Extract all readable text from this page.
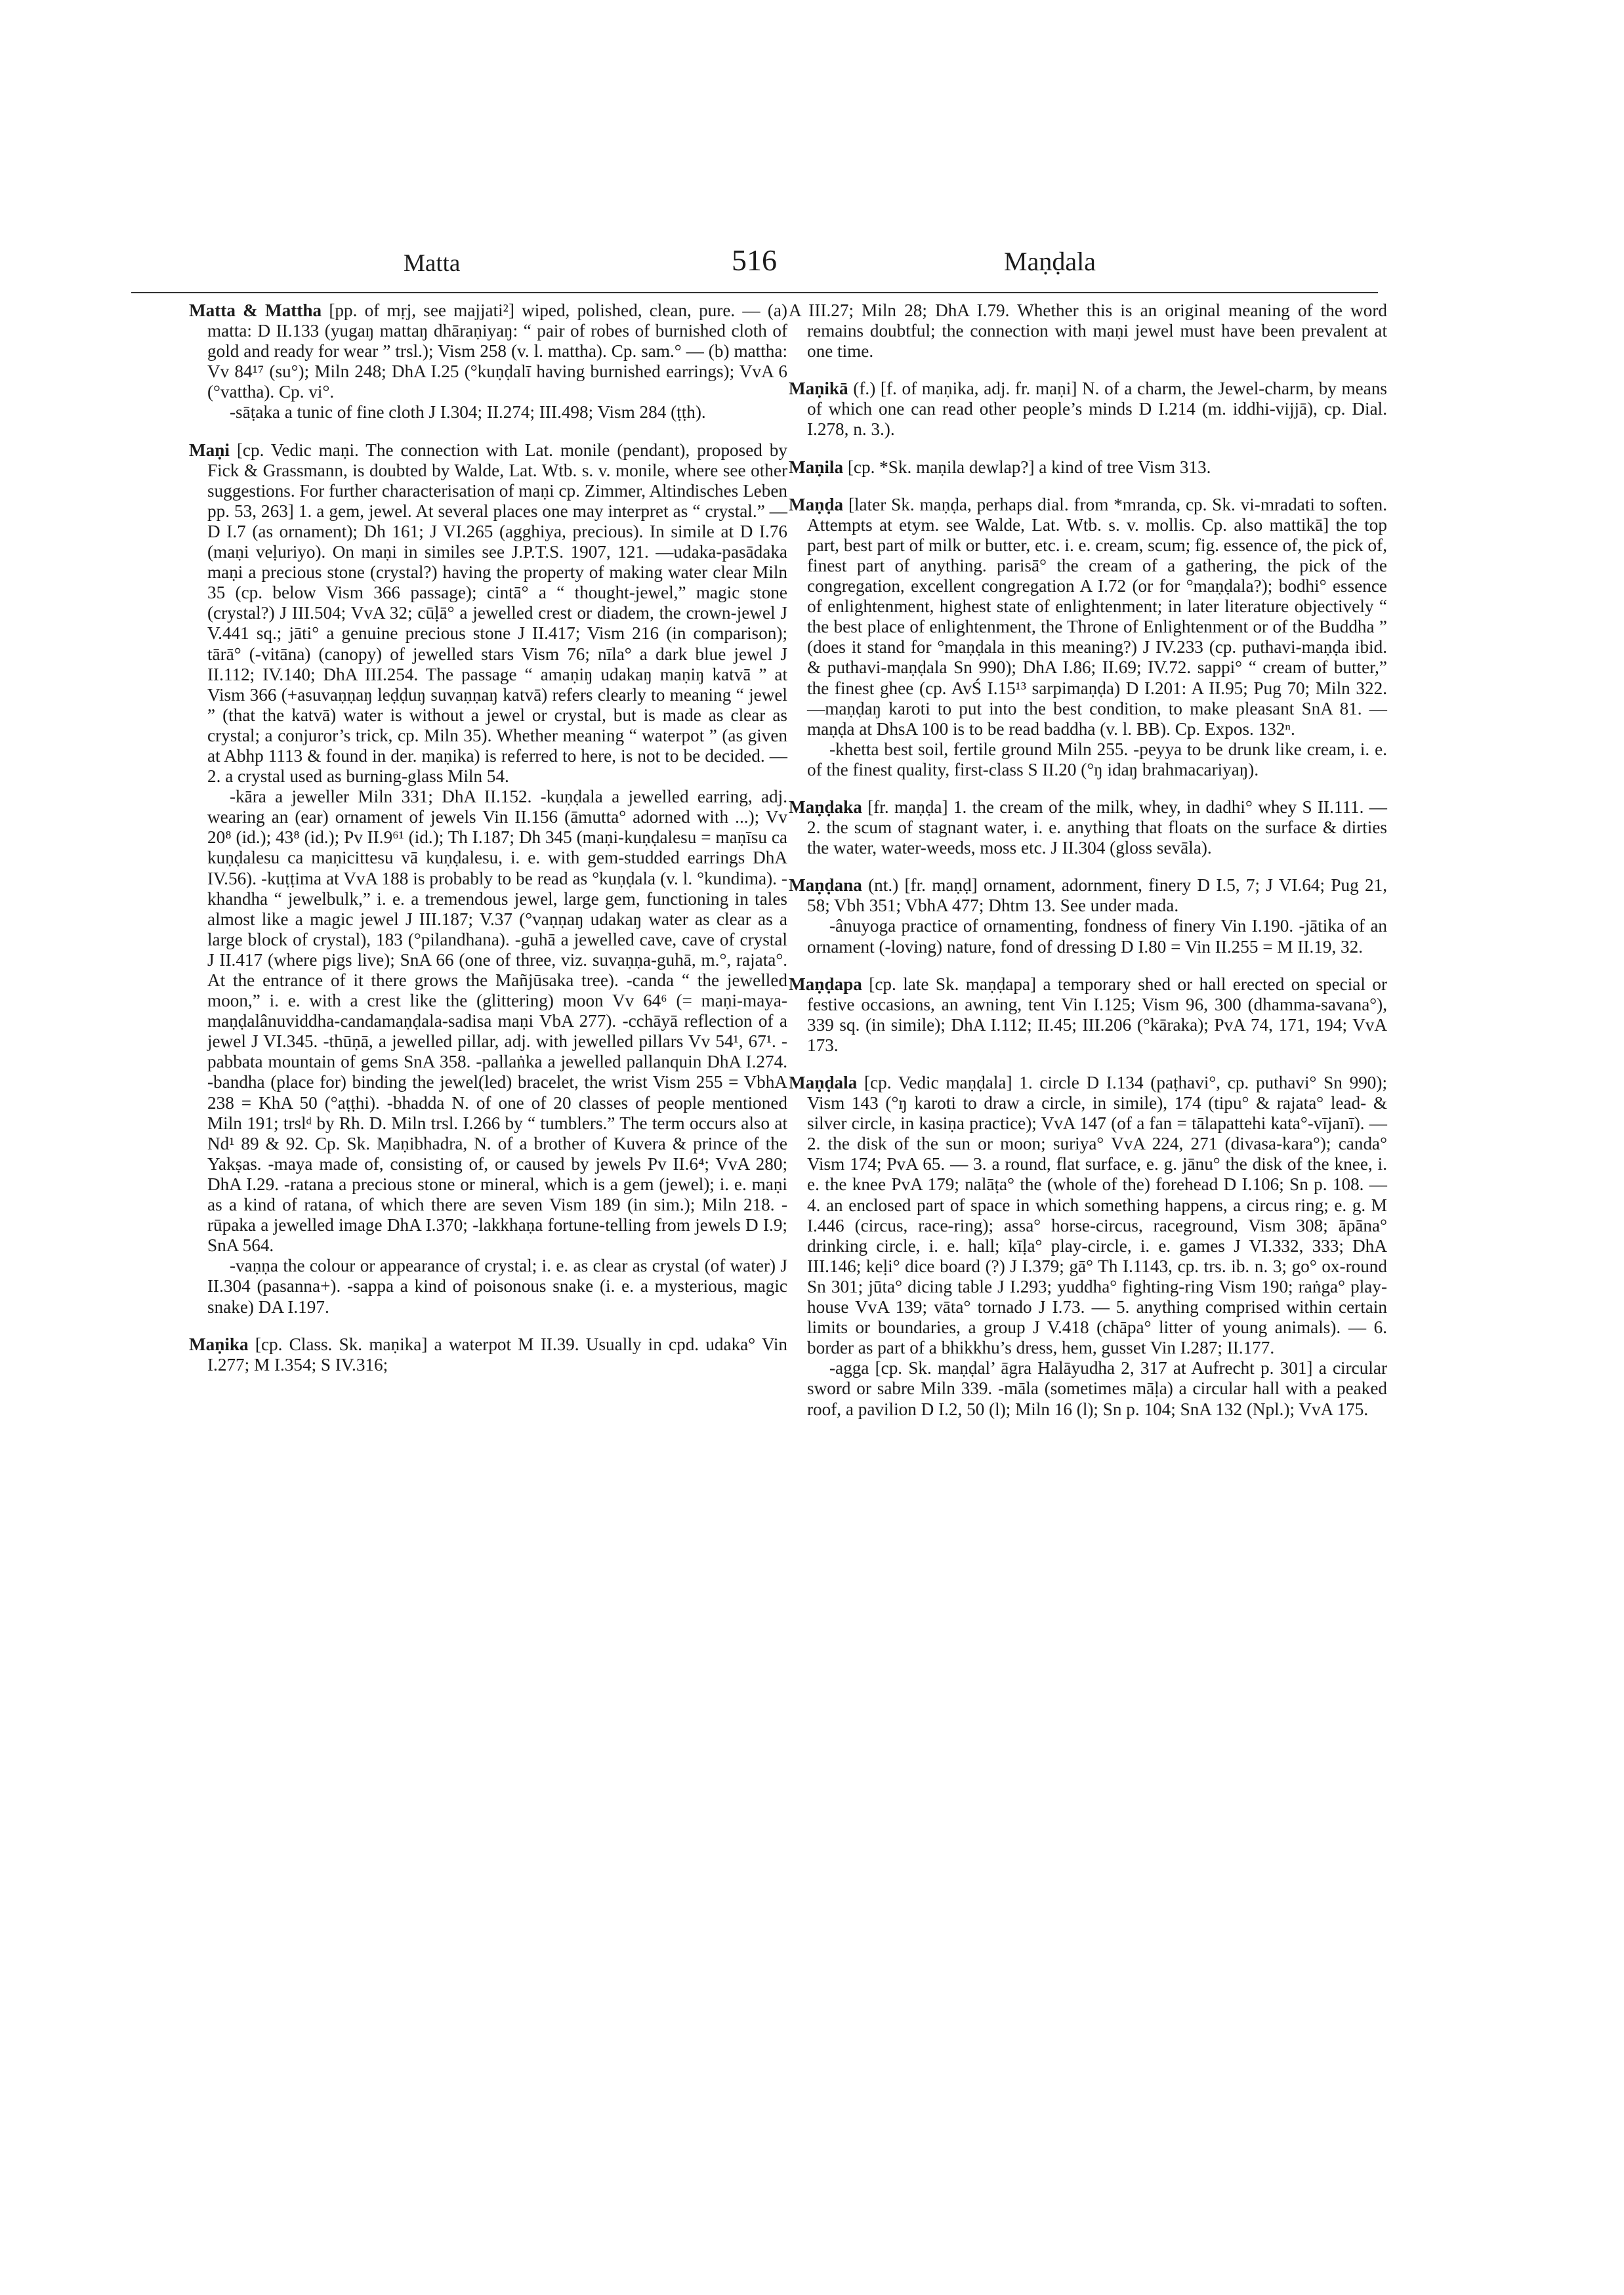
Matta	516	Maṇḍala

Matta & Mattha [pp. of mṛj, see majjati²] wiped, polished, clean, pure. — (a) matta: D II.133 (yugaŋ mattaŋ dhāraṇiyaŋ: “ pair of robes of burnished cloth of gold and ready for wear ” trsl.); Vism 258 (v. l. mattha). Cp. sam.° — (b) mattha: Vv 84¹⁷ (su°); Miln 248; DhA I.25 (°kuṇḍalī having burnished earrings); VvA 6 (°vattha). Cp. vi°.
-sāṭaka a tunic of fine cloth J I.304; II.274; III.498; Vism 284 (ṭṭh).

Maṇi [cp. Vedic maṇi. The connection with Lat. monile (pendant), proposed by Fick & Grassmann, is doubted by Walde, Lat. Wtb. s. v. monile, where see other suggestions. For further characterisation of maṇi cp. Zimmer, Altindisches Leben pp. 53, 263] 1. a gem, jewel. At several places one may interpret as “ crystal.” — D I.7 (as ornament); Dh 161; J VI.265 (agghiya, precious). In simile at D I.76 (maṇi veḷuriyo). On maṇi in similes see J.P.T.S. 1907, 121. —udaka-pasādaka maṇi a precious stone (crystal?) having the property of making water clear Miln 35 (cp. below Vism 366 passage); cintā° a “ thought-jewel,” magic stone (crystal?) J III.504; VvA 32; cūḷā° a jewelled crest or diadem, the crown-jewel J V.441 sq.; jāti° a genuine precious stone J II.417; Vism 216 (in comparison); tārā° (-vitāna) (canopy) of jewelled stars Vism 76; nīla° a dark blue jewel J II.112; IV.140; DhA III.254. The passage “ amaṇiŋ udakaŋ maṇiŋ katvā ” at Vism 366 (+asuvaṇṇaŋ leḍḍuŋ suvaṇṇaŋ katvā) refers clearly to meaning “ jewel ” (that the katvā) water is without a jewel or crystal, but is made as clear as crystal; a conjuror’s trick, cp. Miln 35). Whether meaning “ waterpot ” (as given at Abhp 1113 & found in der. maṇika) is referred to here, is not to be decided. — 2. a crystal used as burning-glass Miln 54.
-kāra a jeweller Miln 331; DhA II.152. -kuṇḍala a jewelled earring, adj. wearing an (ear) ornament of jewels Vin II.156 (āmutta° adorned with ...); Vv 20⁸ (id.); 43⁸ (id.); Pv II.9⁶¹ (id.); Th I.187; Dh 345 (maṇi-kuṇḍalesu = maṇīsu ca kuṇḍalesu ca maṇicittesu vā kuṇḍalesu, i. e. with gem-studded earrings DhA IV.56). -kuṭṭima at VvA 188 is probably to be read as °kuṇḍala (v. l. °kundima). -khandha “ jewelbulk,” i. e. a tremendous jewel, large gem, functioning in tales almost like a magic jewel J III.187; V.37 (°vaṇṇaŋ udakaŋ water as clear as a large block of crystal), 183 (°pilandhana). -guhā a jewelled cave, cave of crystal J II.417 (where pigs live); SnA 66 (one of three, viz. suvaṇṇa-guhā, m.°, rajata°. At the entrance of it there grows the Mañjūsaka tree). -canda “ the jewelled moon,” i. e. with a crest like the (glittering) moon Vv 64⁶ (= maṇi-maya-maṇḍalânuviddha-candamaṇḍala-sadisa maṇi VbA 277). -cchāyā reflection of a jewel J VI.345. -thūṇā, a jewelled pillar, adj. with jewelled pillars Vv 54¹, 67¹. -pabbata mountain of gems SnA 358. -pallaṅka a jewelled pallanquin DhA I.274. -bandha (place for) binding the jewel(led) bracelet, the wrist Vism 255 = VbhA 238 = KhA 50 (°aṭṭhi). -bhadda N. of one of 20 classes of people mentioned Miln 191; trslᵈ by Rh. D. Miln trsl. I.266 by “ tumblers.” The term occurs also at Nd¹ 89 & 92. Cp. Sk. Maṇibhadra, N. of a brother of Kuvera & prince of the Yakṣas. -maya made of, consisting of, or caused by jewels Pv II.6⁴; VvA 280; DhA I.29. -ratana a precious stone or mineral, which is a gem (jewel); i. e. maṇi as a kind of ratana, of which there are seven Vism 189 (in sim.); Miln 218. -rūpaka a jewelled image DhA I.370; -lakkhaṇa fortune-telling from jewels D I.9; SnA 564.
-vaṇṇa the colour or appearance of crystal; i. e. as clear as crystal (of water) J II.304 (pasanna+). -sappa a kind of poisonous snake (i. e. a mysterious, magic snake) DA I.197.

Maṇika [cp. Class. Sk. maṇika] a waterpot M II.39. Usually in cpd. udaka° Vin I.277; M I.354; S IV.316;

A III.27; Miln 28; DhA I.79. Whether this is an original meaning of the word remains doubtful; the connection with maṇi jewel must have been prevalent at one time.

Maṇikā (f.) [f. of maṇika, adj. fr. maṇi] N. of a charm, the Jewel-charm, by means of which one can read other people’s minds D I.214 (m. iddhi-vijjā), cp. Dial. I.278, n. 3.).

Maṇila [cp. *Sk. maṇila dewlap?] a kind of tree Vism 313.

Maṇḍa [later Sk. maṇḍa, perhaps dial. from *mranda, cp. Sk. vi-mradati to soften. Attempts at etym. see Walde, Lat. Wtb. s. v. mollis. Cp. also mattikā] the top part, best part of milk or butter, etc. i. e. cream, scum; fig. essence of, the pick of, finest part of anything. parisā° the cream of a gathering, the pick of the congregation, excellent congregation A I.72 (or for °maṇḍala?); bodhi° essence of enlightenment, highest state of enlightenment; in later literature objectively “ the best place of enlightenment, the Throne of Enlightenment or of the Buddha ” (does it stand for °maṇḍala in this meaning?) J IV.233 (cp. puthavi-maṇḍa ibid. & puthavi-maṇḍala Sn 990); DhA I.86; II.69; IV.72. sappi° “ cream of butter,” the finest ghee (cp. AvŚ I.15¹³ sarpimaṇḍa) D I.201: A II.95; Pug 70; Miln 322. —maṇḍaŋ karoti to put into the best condition, to make pleasant SnA 81. —maṇḍa at DhsA 100 is to be read baddha (v. l. BB). Cp. Expos. 132ⁿ.
-khetta best soil, fertile ground Miln 255. -peyya to be drunk like cream, i. e. of the finest quality, first-class S II.20 (°ŋ idaŋ brahmacariyaŋ).

Maṇḍaka [fr. maṇḍa] 1. the cream of the milk, whey, in dadhi° whey S II.111. — 2. the scum of stagnant water, i. e. anything that floats on the surface & dirties the water, water-weeds, moss etc. J II.304 (gloss sevāla).

Maṇḍana (nt.) [fr. maṇḍ] ornament, adornment, finery D I.5, 7; J VI.64; Pug 21, 58; Vbh 351; VbhA 477; Dhtm 13. See under mada.
-ânuyoga practice of ornamenting, fondness of finery Vin I.190. -jātika of an ornament (-loving) nature, fond of dressing D I.80 = Vin II.255 = M II.19, 32.

Maṇḍapa [cp. late Sk. maṇḍapa] a temporary shed or hall erected on special or festive occasions, an awning, tent Vin I.125; Vism 96, 300 (dhamma-savana°), 339 sq. (in simile); DhA I.112; II.45; III.206 (°kāraka); PvA 74, 171, 194; VvA 173.

Maṇḍala [cp. Vedic maṇḍala] 1. circle D I.134 (paṭhavi°, cp. puthavi° Sn 990); Vism 143 (°ŋ karoti to draw a circle, in simile), 174 (tipu° & rajata° lead- & silver circle, in kasiṇa practice); VvA 147 (of a fan = tālapattehi kata°-vījanī). — 2. the disk of the sun or moon; suriya° VvA 224, 271 (divasa-kara°); canda° Vism 174; PvA 65. — 3. a round, flat surface, e. g. jānu° the disk of the knee, i. e. the knee PvA 179; nalāṭa° the (whole of the) forehead D I.106; Sn p. 108. — 4. an enclosed part of space in which something happens, a circus ring; e. g. M I.446 (circus, race-ring); assa° horse-circus, raceground, Vism 308; āpāna° drinking circle, i. e. hall; kīḷa° play-circle, i. e. games J VI.332, 333; DhA III.146; keḷi° dice board (?) J I.379; gā° Th I.1143, cp. trs. ib. n. 3; go° ox-round Sn 301; jūta° dicing table J I.293; yuddha° fighting-ring Vism 190; raṅga° play-house VvA 139; vāta° tornado J I.73. — 5. anything comprised within certain limits or boundaries, a group J V.418 (chāpa° litter of young animals). — 6. border as part of a bhikkhu’s dress, hem, gusset Vin I.287; II.177.
-agga [cp. Sk. maṇḍal’ āgra Halāyudha 2, 317 at Aufrecht p. 301] a circular sword or sabre Miln 339. -māla (sometimes māḷa) a circular hall with a peaked roof, a pavilion D I.2, 50 (l); Miln 16 (l); Sn p. 104; SnA 132 (Npl.); VvA 175.
